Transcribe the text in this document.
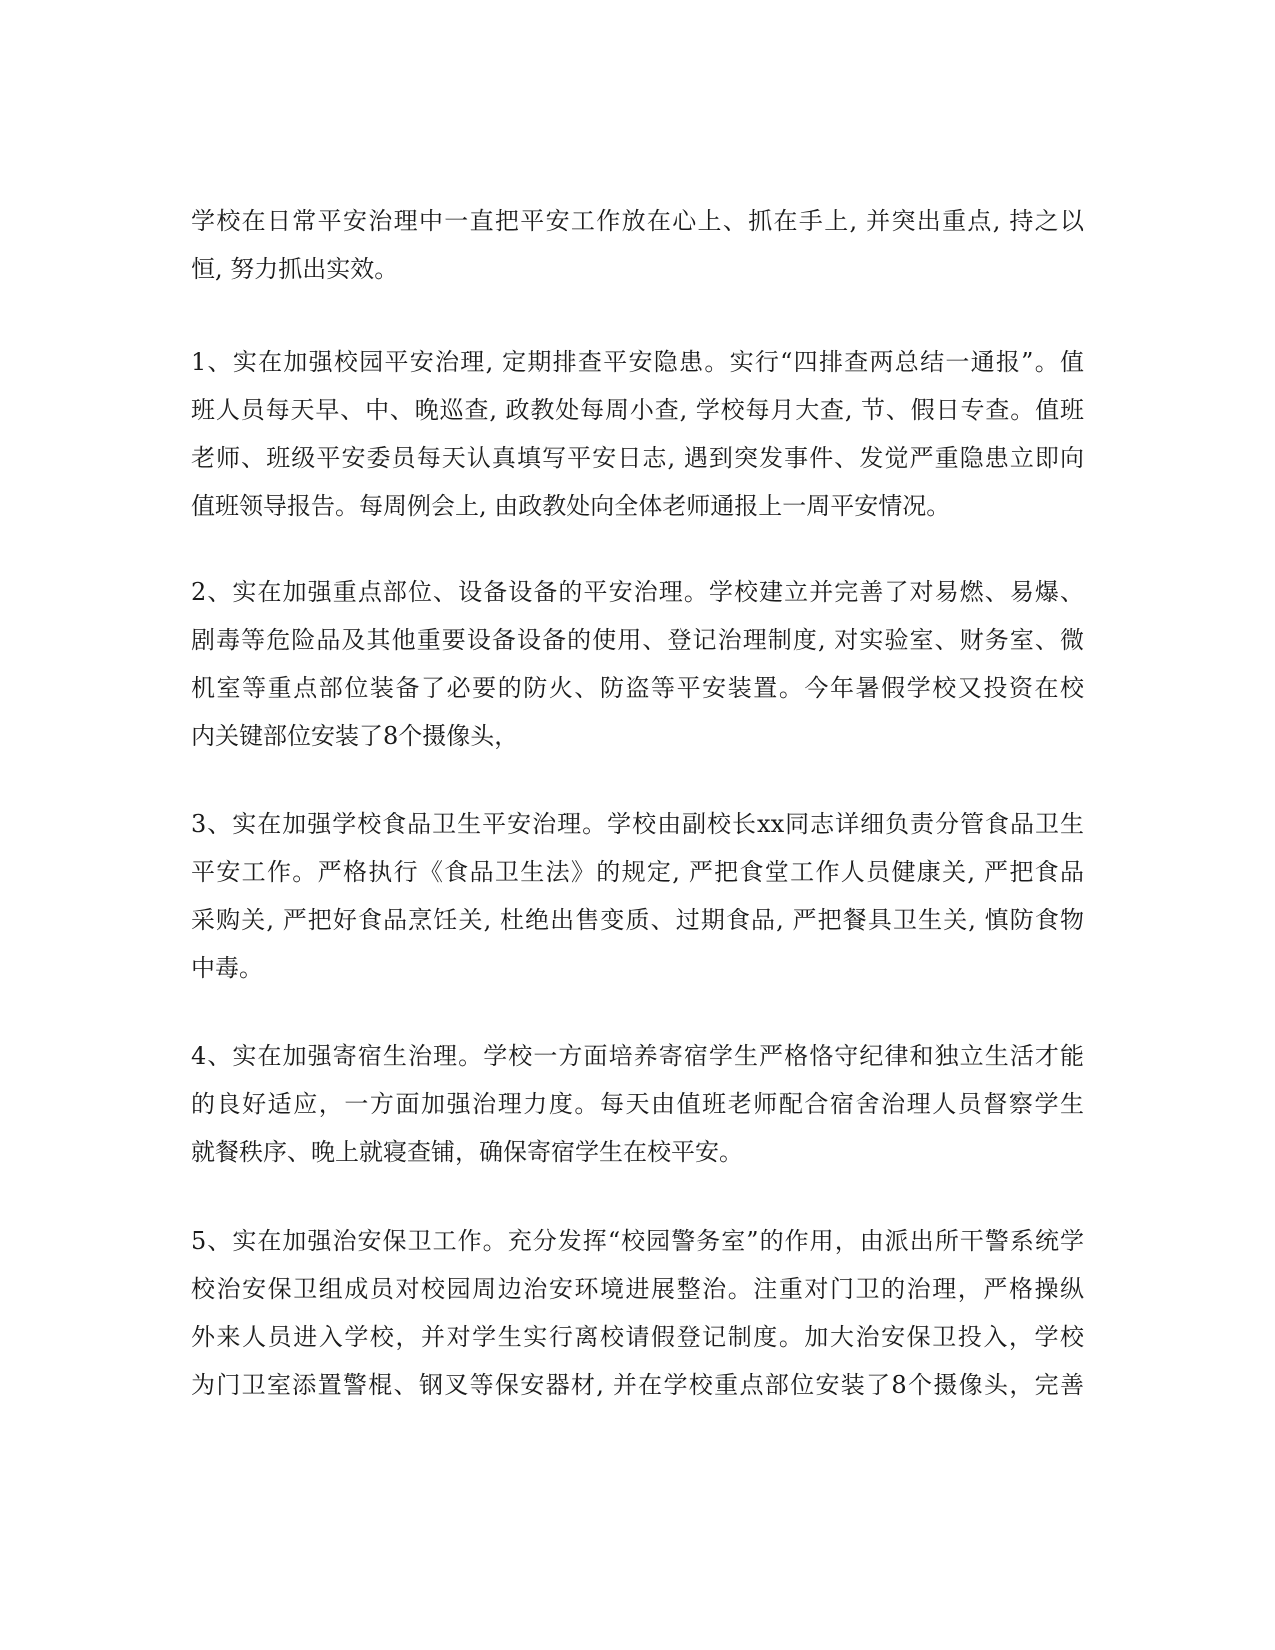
学校在日常平安治理中一直把平安工作放在心上、抓在手上, 并突出重点, 持之以
恒, 努力抓出实效。
1、实在加强校园平安治理, 定期排查平安隐患。实行“四排查两总结一通报”。值
班人员每天早、中、晚巡查, 政教处每周小查, 学校每月大查, 节、假日专查。值班
老师、班级平安委员每天认真填写平安日志, 遇到突发事件、发觉严重隐患立即向
值班领导报告。每周例会上, 由政教处向全体老师通报上一周平安情况。
2、实在加强重点部位、设备设备的平安治理。学校建立并完善了对易燃、易爆、
剧毒等危险品及其他重要设备设备的使用、登记治理制度, 对实验室、财务室、微
机室等重点部位装备了必要的防火、防盗等平安装置。今年暑假学校又投资在校
内关键部位安装了8个摄像头，
3、实在加强学校食品卫生平安治理。学校由副校长xx同志详细负责分管食品卫生
平安工作。严格执行《食品卫生法》的规定, 严把食堂工作人员健康关, 严把食品
采购关, 严把好食品烹饪关, 杜绝出售变质、过期食品, 严把餐具卫生关, 慎防食物
中毒。
4、实在加强寄宿生治理。学校一方面培养寄宿学生严格恪守纪律和独立生活才能
的良好适应，一方面加强治理力度。每天由值班老师配合宿舍治理人员督察学生
就餐秩序、晚上就寝查铺，确保寄宿学生在校平安。
5、实在加强治安保卫工作。充分发挥“校园警务室”的作用，由派出所干警系统学
校治安保卫组成员对校园周边治安环境进展整治。注重对门卫的治理，严格操纵
外来人员进入学校，并对学生实行离校请假登记制度。加大治安保卫投入，学校
为门卫室添置警棍、钢叉等保安器材, 并在学校重点部位安装了8个摄像头，完善
